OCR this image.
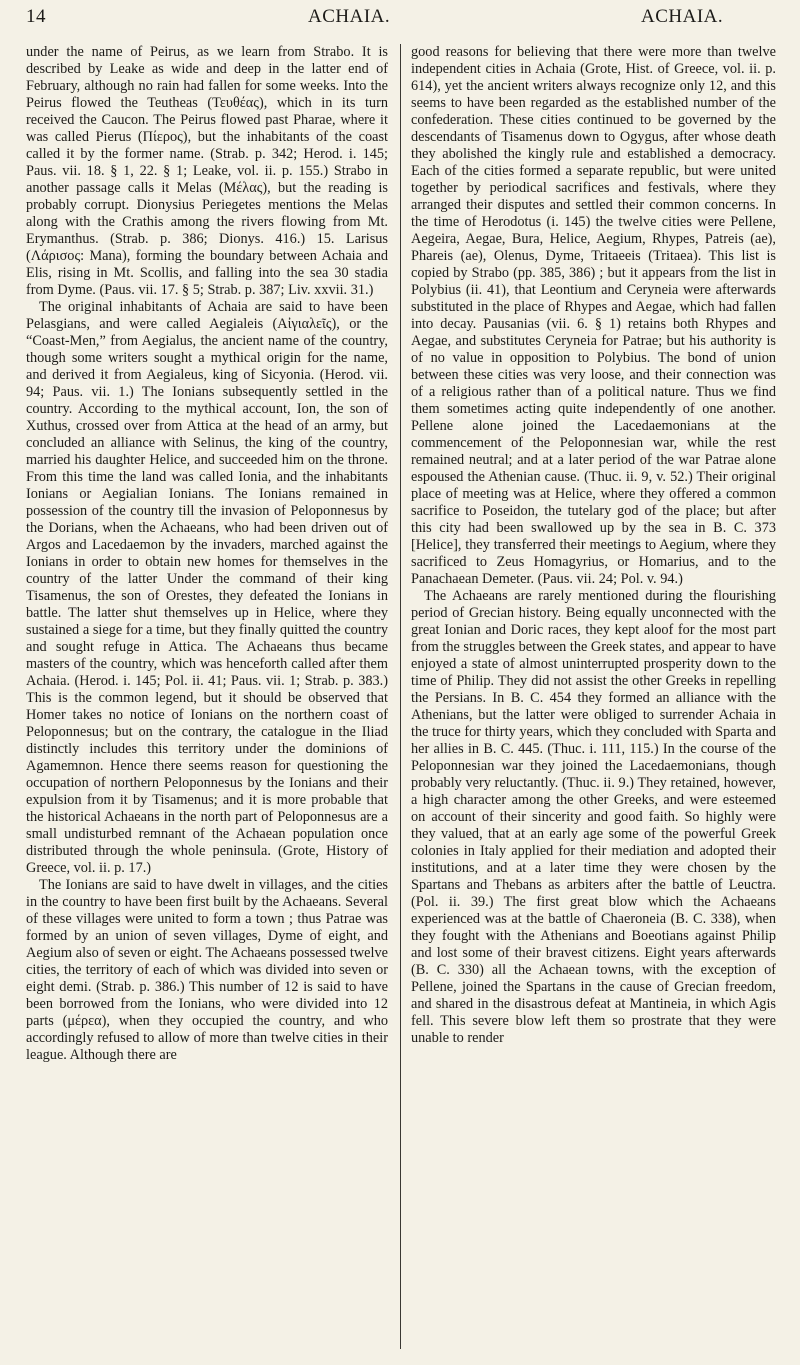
14	ACHAIA.	ACHAIA.

under the name of Peirus, as we learn from Strabo. It is described by Leake as wide and deep in the latter end of February, although no rain had fallen for some weeks. Into the Peirus flowed the Teutheas (Τευθέας), which in its turn received the Caucon. The Peirus flowed past Pharae, where it was called Pierus (Πίερος), but the inhabitants of the coast called it by the former name. (Strab. p. 342; Herod. i. 145; Paus. vii. 18. § 1, 22. § 1; Leake, vol. ii. p. 155.) Strabo in another passage calls it Melas (Μέλας), but the reading is probably corrupt. Dionysius Periegetes mentions the Melas along with the Crathis among the rivers flowing from Mt. Erymanthus. (Strab. p. 386; Dionys. 416.) 15. Larisus (Λάρισος: Mana), forming the boundary between Achaia and Elis, rising in Mt. Scollis, and falling into the sea 30 stadia from Dyme. (Paus. vii. 17. § 5; Strab. p. 387; Liv. xxvii. 31.)

The original inhabitants of Achaia are said to have been Pelasgians, and were called Aegialeis (Αἰγιαλεῖς), or the “Coast-Men,” from Aegialus, the ancient name of the country, though some writers sought a mythical origin for the name, and derived it from Aegialeus, king of Sicyonia. (Herod. vii. 94; Paus. vii. 1.) The Ionians subsequently settled in the country. According to the mythical account, Ion, the son of Xuthus, crossed over from Attica at the head of an army, but concluded an alliance with Selinus, the king of the country, married his daughter Helice, and succeeded him on the throne. From this time the land was called Ionia, and the inhabitants Ionians or Aegialian Ionians. The Ionians remained in possession of the country till the invasion of Peloponnesus by the Dorians, when the Achaeans, who had been driven out of Argos and Lacedaemon by the invaders, marched against the Ionians in order to obtain new homes for themselves in the country of the latter Under the command of their king Tisamenus, the son of Orestes, they defeated the Ionians in battle. The latter shut themselves up in Helice, where they sustained a siege for a time, but they finally quitted the country and sought refuge in Attica. The Achaeans thus became masters of the country, which was henceforth called after them Achaia. (Herod. i. 145; Pol. ii. 41; Paus. vii. 1; Strab. p. 383.) This is the common legend, but it should be observed that Homer takes no notice of Ionians on the northern coast of Peloponnesus; but on the contrary, the catalogue in the Iliad distinctly includes this territory under the dominions of Agamemnon. Hence there seems reason for questioning the occupation of northern Peloponnesus by the Ionians and their expulsion from it by Tisamenus; and it is more probable that the historical Achaeans in the north part of Peloponnesus are a small undisturbed remnant of the Achaean population once distributed through the whole peninsula. (Grote, History of Greece, vol. ii. p. 17.)

The Ionians are said to have dwelt in villages, and the cities in the country to have been first built by the Achaeans. Several of these villages were united to form a town ; thus Patrae was formed by an union of seven villages, Dyme of eight, and Aegium also of seven or eight. The Achaeans possessed twelve cities, the territory of each of which was divided into seven or eight demi. (Strab. p. 386.) This number of 12 is said to have been borrowed from the Ionians, who were divided into 12 parts (μέρεα), when they occupied the country, and who accordingly refused to allow of more than twelve cities in their league. Although there are

good reasons for believing that there were more than twelve independent cities in Achaia (Grote, Hist. of Greece, vol. ii. p. 614), yet the ancient writers always recognize only 12, and this seems to have been regarded as the established number of the confederation. These cities continued to be governed by the descendants of Tisamenus down to Ogygus, after whose death they abolished the kingly rule and established a democracy. Each of the cities formed a separate republic, but were united together by periodical sacrifices and festivals, where they arranged their disputes and settled their common concerns. In the time of Herodotus (i. 145) the twelve cities were Pellene, Aegeira, Aegae, Bura, Helice, Aegium, Rhypes, Patreis (ae), Phareis (ae), Olenus, Dyme, Tritaeeis (Tritaea). This list is copied by Strabo (pp. 385, 386) ; but it appears from the list in Polybius (ii. 41), that Leontium and Ceryneia were afterwards substituted in the place of Rhypes and Aegae, which had fallen into decay. Pausanias (vii. 6. § 1) retains both Rhypes and Aegae, and substitutes Ceryneia for Patrae; but his authority is of no value in opposition to Polybius. The bond of union between these cities was very loose, and their connection was of a religious rather than of a political nature. Thus we find them sometimes acting quite independently of one another. Pellene alone joined the Lacedaemonians at the commencement of the Peloponnesian war, while the rest remained neutral; and at a later period of the war Patrae alone espoused the Athenian cause. (Thuc. ii. 9, v. 52.) Their original place of meeting was at Helice, where they offered a common sacrifice to Poseidon, the tutelary god of the place; but after this city had been swallowed up by the sea in B. C. 373 [Helice], they transferred their meetings to Aegium, where they sacrificed to Zeus Homagyrius, or Homarius, and to the Panachaean Demeter. (Paus. vii. 24; Pol. v. 94.)

The Achaeans are rarely mentioned during the flourishing period of Grecian history. Being equally unconnected with the great Ionian and Doric races, they kept aloof for the most part from the struggles between the Greek states, and appear to have enjoyed a state of almost uninterrupted prosperity down to the time of Philip. They did not assist the other Greeks in repelling the Persians. In B. C. 454 they formed an alliance with the Athenians, but the latter were obliged to surrender Achaia in the truce for thirty years, which they concluded with Sparta and her allies in B. C. 445. (Thuc. i. 111, 115.) In the course of the Peloponnesian war they joined the Lacedaemonians, though probably very reluctantly. (Thuc. ii. 9.) They retained, however, a high character among the other Greeks, and were esteemed on account of their sincerity and good faith. So highly were they valued, that at an early age some of the powerful Greek colonies in Italy applied for their mediation and adopted their institutions, and at a later time they were chosen by the Spartans and Thebans as arbiters after the battle of Leuctra. (Pol. ii. 39.) The first great blow which the Achaeans experienced was at the battle of Chaeroneia (B. C. 338), when they fought with the Athenians and Boeotians against Philip and lost some of their bravest citizens. Eight years afterwards (B. C. 330) all the Achaean towns, with the exception of Pellene, joined the Spartans in the cause of Grecian freedom, and shared in the disastrous defeat at Mantineia, in which Agis fell. This severe blow left them so prostrate that they were unable to render
